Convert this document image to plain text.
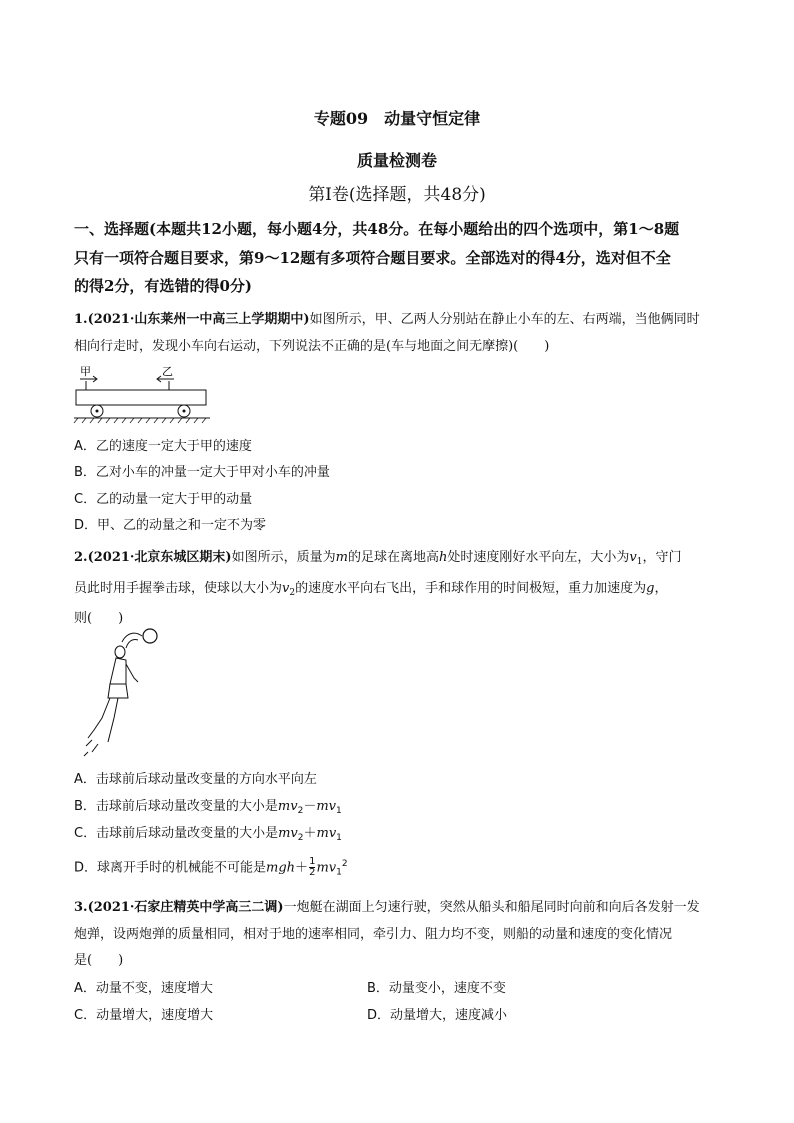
专题09　动量守恒定律
质量检测卷
第Ⅰ卷(选择题，共48分)
一、选择题(本题共12小题，每小题4分，共48分。在每小题给出的四个选项中，第1～8题
只有一项符合题目要求，第9～12题有多项符合题目要求。全部选对的得4分，选对但不全
的得2分，有选错的得0分)
1.(2021·山东莱州一中高三上学期期中)如图所示，甲、乙两人分别站在静止小车的左、右两端，当他俩同时
相向行走时，发现小车向右运动，下列说法不正确的是(车与地面之间无摩擦)(　　)
甲	乙
A．乙的速度一定大于甲的速度
B．乙对小车的冲量一定大于甲对小车的冲量
C．乙的动量一定大于甲的动量
D．甲、乙的动量之和一定不为零
2.(2021·北京东城区期末)如图所示，质量为m的足球在离地高h处时速度刚好水平向左，大小为$v_1$，守门
员此时用手握拳击球，使球以大小为$v_2$的速度水平向右飞出，手和球作用的时间极短，重力加速度为g，
则(　　)
A．击球前后球动量改变量的方向水平向左
B．击球前后球动量改变量的大小是$mv_2-mv_1$
C．击球前后球动量改变量的大小是$mv_2+mv_1$
D．球离开手时的机械能不可能是$mgh+ \frac{1}{2} mv_1^2$
3.(2021·石家庄精英中学高三二调)一炮艇在湖面上匀速行驶，突然从船头和船尾同时向前和向后各发射一发
炮弹，设两炮弹的质量相同，相对于地的速率相同，牵引力、阻力均不变，则船的动量和速度的变化情况
是(　　)
A．动量不变，速度增大	B．动量变小，速度不变
C．动量增大，速度增大	D．动量增大，速度减小
